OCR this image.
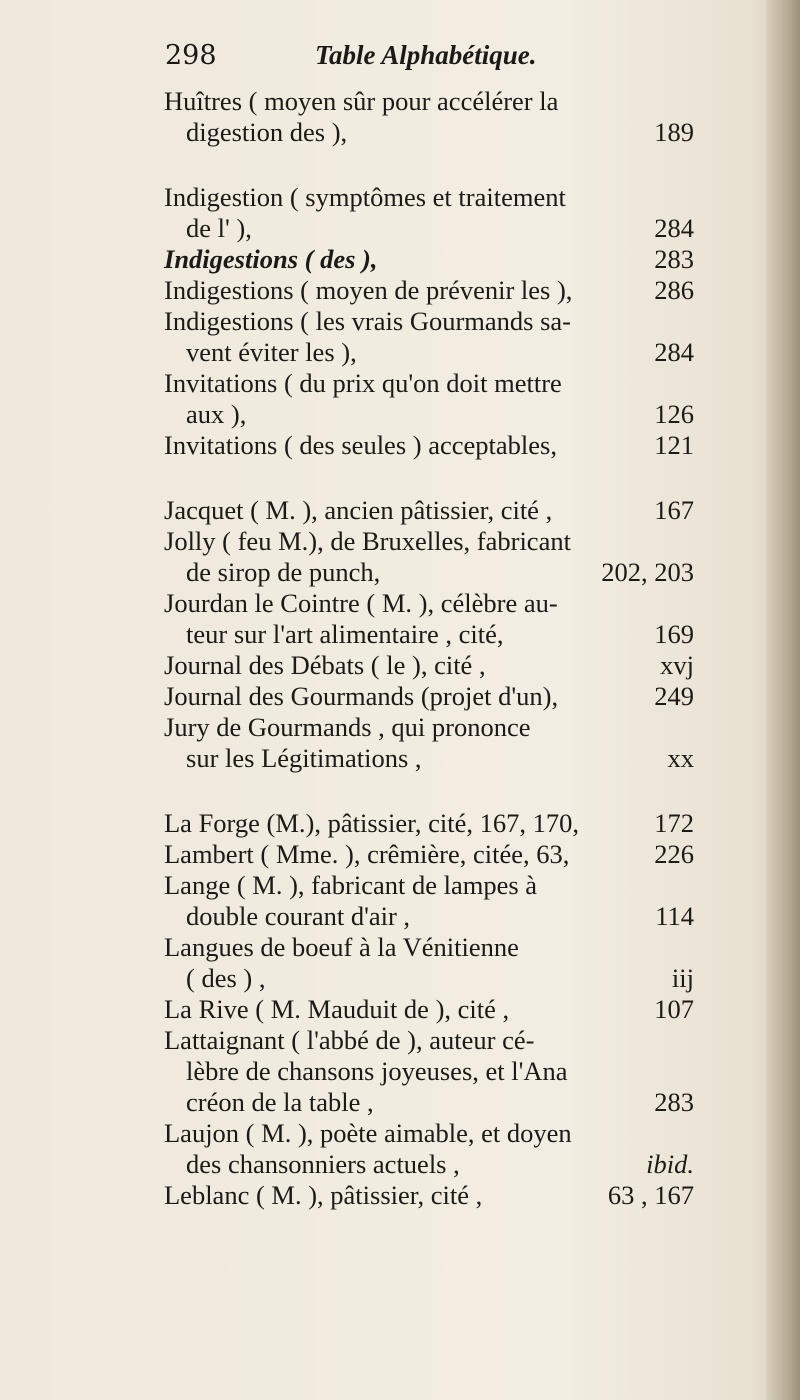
298	Table Alphabétique.
Huîtres ( moyen sûr pour accélérer la
digestion des ),	189
Indigestion ( symptômes et traitement
de l' ),	284
Indigestions ( des ),	283
Indigestions ( moyen de prévenir les ),	286
Indigestions ( les vrais Gourmands sa-
vent éviter les ),	284
Invitations ( du prix qu'on doit mettre
aux ),	126
Invitations ( des seules ) acceptables,	121
Jacquet ( M. ), ancien pâtissier, cité ,	167
Jolly ( feu M.), de Bruxelles, fabricant
de sirop de punch,	202, 203
Jourdan le Cointre ( M. ), célèbre au-
teur sur l'art alimentaire , cité,	169
Journal des Débats ( le ), cité ,	xvj
Journal des Gourmands (projet d'un),	249
Jury de Gourmands , qui prononce
sur les Légitimations ,	xx
La Forge (M.), pâtissier, cité, 167, 170,	172
Lambert ( Mme. ), crêmière, citée, 63,	226
Lange ( M. ), fabricant de lampes à
double courant d'air ,	114
Langues de boeuf à la Vénitienne
( des ) ,	iij
La Rive ( M. Mauduit de ), cité ,	107
Lattaignant ( l'abbé de ), auteur cé-
lèbre de chansons joyeuses, et l'Ana
créon de la table ,	283
Laujon ( M. ), poète aimable, et doyen
des chansonniers actuels ,	ibid.
Leblanc ( M. ), pâtissier, cité ,	63 , 167
